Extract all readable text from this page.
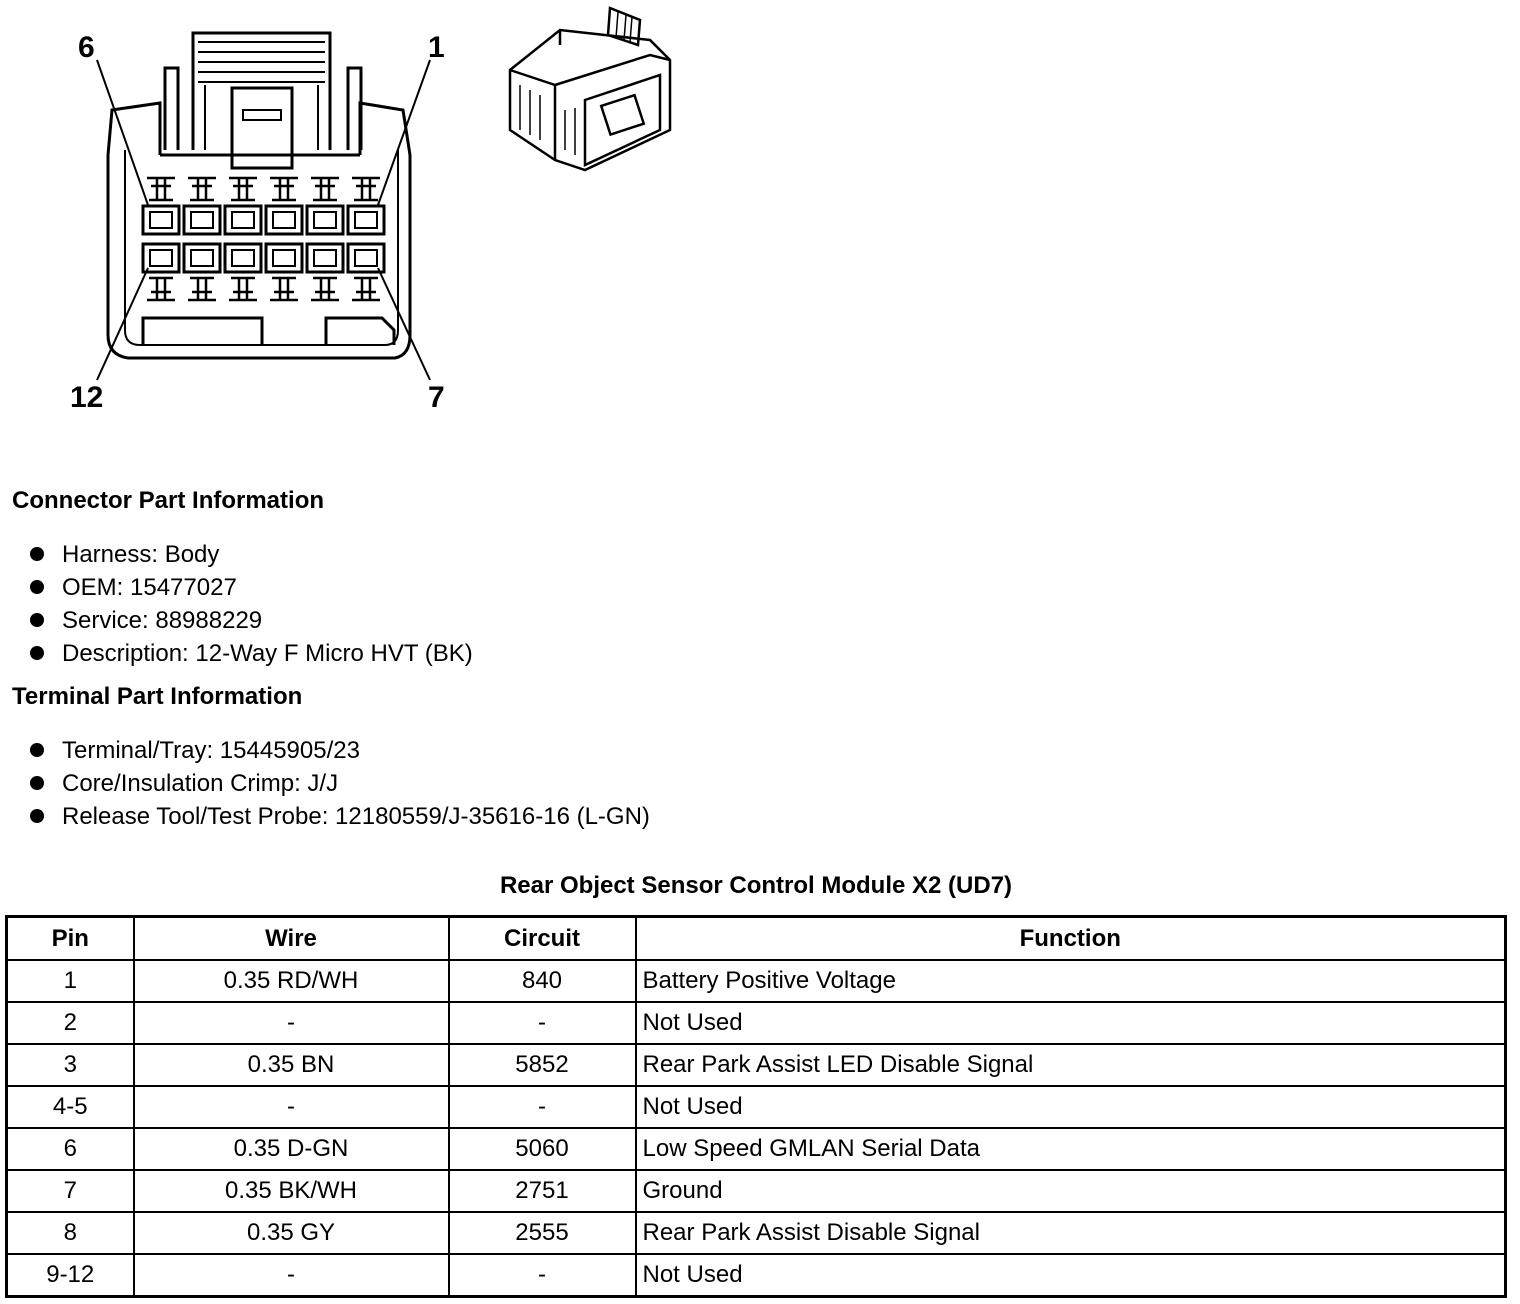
6	1
12	7
Connector Part Information
Harness: Body
OEM: 15477027
Service: 88988229
Description: 12-Way F Micro HVT (BK)
Terminal Part Information
Terminal/Tray: 15445905/23
Core/Insulation Crimp: J/J
Release Tool/Test Probe: 12180559/J-35616-16 (L-GN)
Rear Object Sensor Control Module X2 (UD7)
Pin	Wire	Circuit	Function
1	0.35 RD/WH	840	Battery Positive Voltage
2	-	-	Not Used
3	0.35 BN	5852	Rear Park Assist LED Disable Signal
4-5	-	-	Not Used
6	0.35 D-GN	5060	Low Speed GMLAN Serial Data
7	0.35 BK/WH	2751	Ground
8	0.35 GY	2555	Rear Park Assist Disable Signal
9-12	-	-	Not Used
